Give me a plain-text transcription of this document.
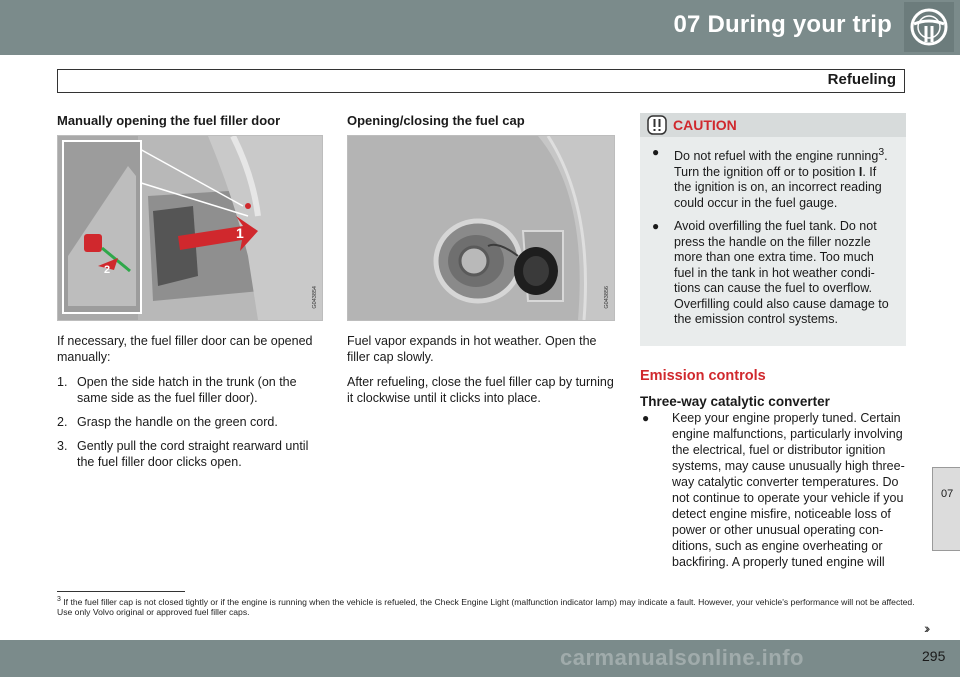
07 During your trip
Refueling
Manually opening the fuel filler door
1
2
G043854

If necessary, the fuel filler door can be opened manually:

1. Open the side hatch in the trunk (on the same side as the fuel filler door).
2. Grasp the handle on the green cord.
3. Gently pull the cord straight rearward until the fuel filler door clicks open.
Opening/closing the fuel cap
G043856

Fuel vapor expands in hot weather. Open the filler cap slowly.

After refueling, close the fuel filler cap by turning it clockwise until it clicks into place.

CAUTION
● Do not refuel with the engine running$^3$. Turn the ignition off or to position I. If the ignition is on, an incorrect reading could occur in the fuel gauge.
● Avoid overfilling the fuel tank. Do not press the handle on the filler nozzle more than one extra time. Too much fuel in the tank in hot weather condi-tions can cause the fuel to overflow. Overfilling could also cause damage to the emission control systems.
Emission controls
Three-way catalytic converter
● Keep your engine properly tuned. Certain engine malfunctions, particularly involving the electrical, fuel or distributor ignition systems, may cause unusually high three-way catalytic converter temperatures. Do not continue to operate your vehicle if you detect engine misfire, noticeable loss of power or other unusual operating con-ditions, such as engine overheating or backfiring. A properly tuned engine will
$^3$ If the fuel filler cap is not closed tightly or if the engine is running when the vehicle is refueled, the Check Engine Light (malfunction indicator lamp) may indicate a fault. However, your vehicle's performance will not be affected. Use only Volvo original or approved fuel filler caps.
07
carmanualsonline.info
››
295
